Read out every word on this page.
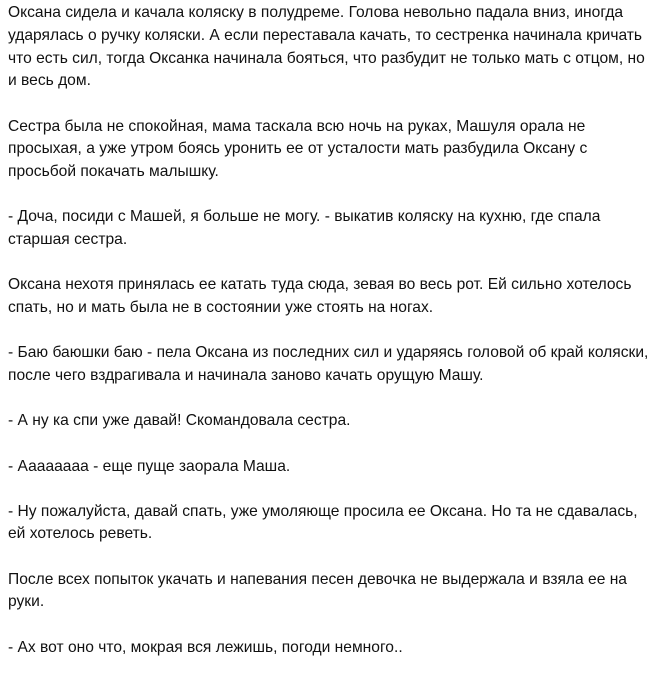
Оксана сидела и качала коляску в полудреме. Голова невольно падала вниз, иногда ударялась о ручку коляски. А если переставала качать, то сестренка начинала кричать что есть сил, тогда Оксанка начинала бояться, что разбудит не только мать с отцом, но и весь дом.

Сестра была не спокойная, мама таскала всю ночь на руках, Машуля орала не просыхая, а уже утром боясь уронить ее от усталости мать разбудила Оксану с просьбой покачать малышку.

- Доча, посиди с Машей, я больше не могу. - выкатив коляску на кухню, где спала старшая сестра.

Оксана нехотя принялась ее катать туда сюда, зевая во весь рот. Ей сильно хотелось спать, но и мать была не в состоянии уже стоять на ногах.

- Баю баюшки баю - пела Оксана из последних сил и ударяясь головой об край коляски, после чего вздрагивала и начинала заново качать орущую Машу.

- А ну ка спи уже давай! Скомандовала сестра.

- Аааааааа - еще пуще заорала Маша.

- Ну пожалуйста, давай спать, уже умоляюще просила ее Оксана. Но та не сдавалась, ей хотелось реветь.

После всех попыток укачать и напевания песен девочка не выдержала и взяла ее на руки.

- Ах вот оно что, мокрая вся лежишь, погоди немного..
